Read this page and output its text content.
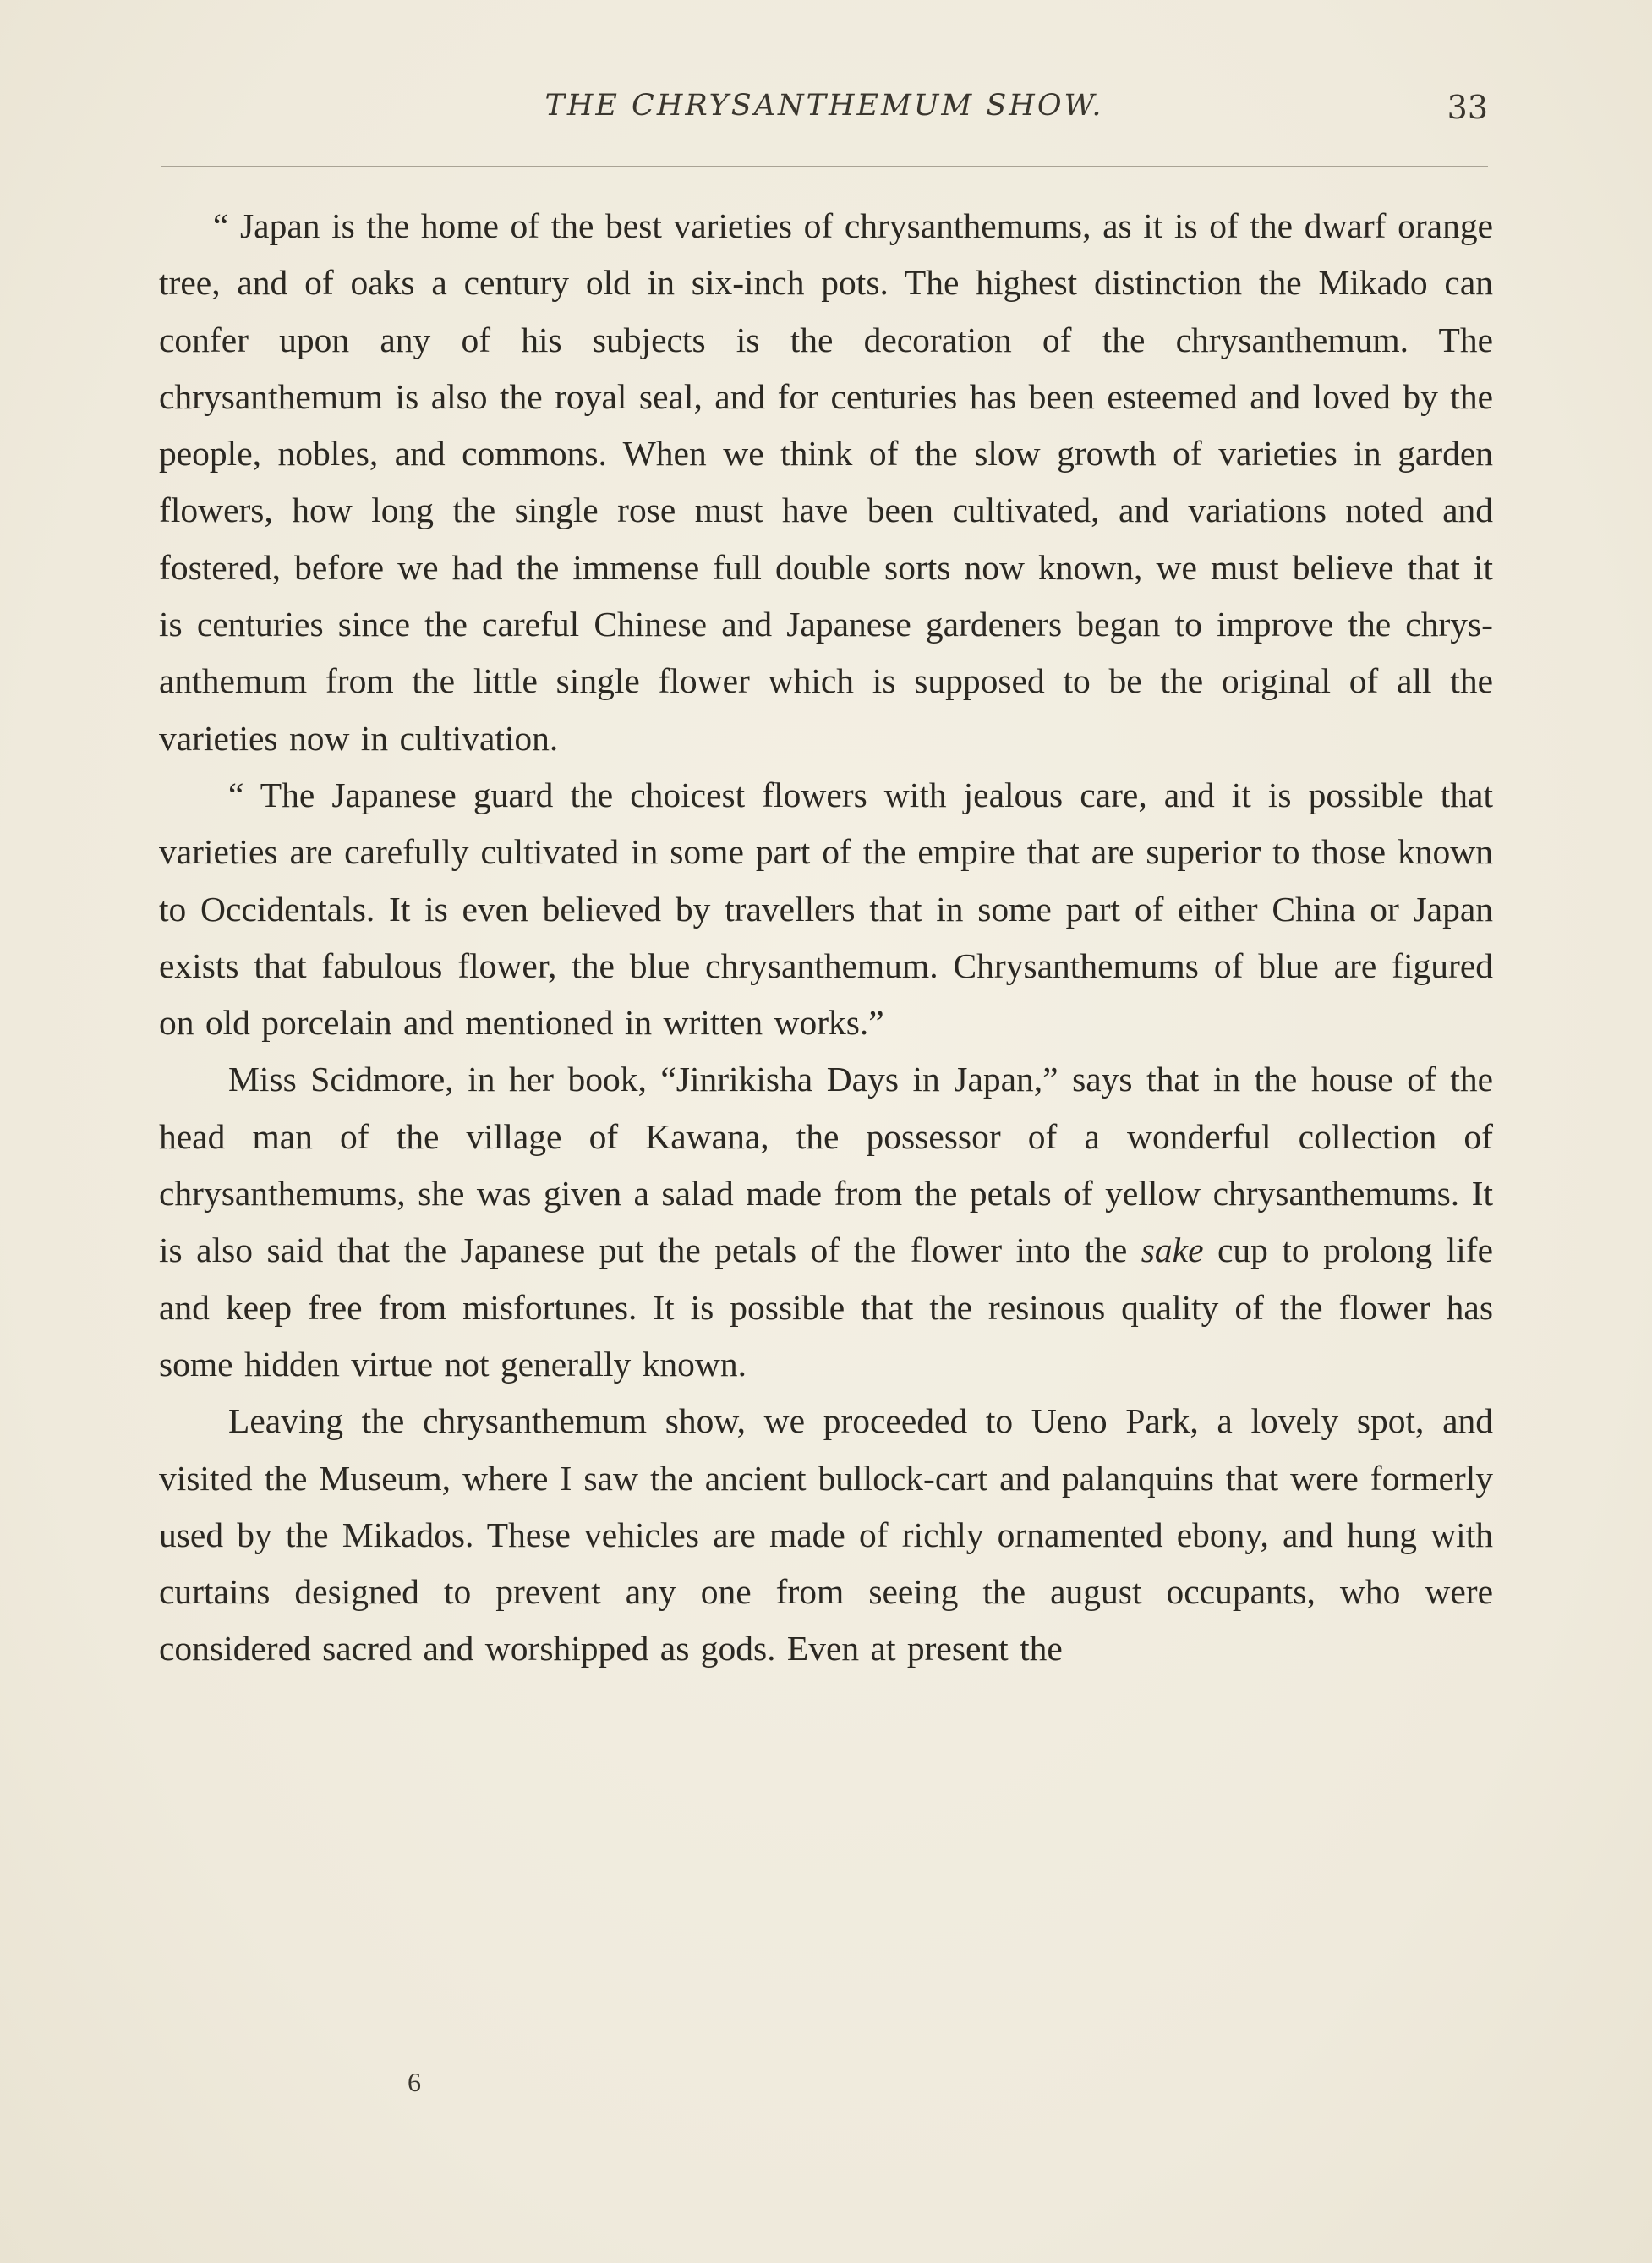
THE CHRYSANTHEMUM SHOW.	33

“ Japan is the home of the best varieties of chrysanthemums, as it is of the dwarf orange tree, and of oaks a century old in six-inch pots. The highest distinction the Mikado can confer upon any of his subjects is the decoration of the chrysanthemum. The chrysanthemum is also the royal seal, and for centuries has been esteemed and loved by the people, nobles, and commons. When we think of the slow growth of varieties in garden flowers, how long the single rose must have been cultivated, and variations noted and fostered, before we had the immense full double sorts now known, we must believe that it is centuries since the careful Chinese and Japanese gardeners began to improve the chrysanthemum from the little single flower which is supposed to be the original of all the varieties now in cultivation.

“ The Japanese guard the choicest flowers with jealous care, and it is possible that varieties are carefully cultivated in some part of the empire that are superior to those known to Occidentals. It is even believed by travellers that in some part of either China or Japan exists that fabulous flower, the blue chrysanthemum. Chrysanthemums of blue are figured on old porcelain and mentioned in written works.”

Miss Scidmore, in her book, “Jinrikisha Days in Japan,” says that in the house of the head man of the village of Kawana, the possessor of a wonderful collection of chrysanthemums, she was given a salad made from the petals of yellow chrysanthemums. It is also said that the Japanese put the petals of the flower into the sake cup to prolong life and keep free from misfortunes. It is possible that the resinous quality of the flower has some hidden virtue not generally known.

Leaving the chrysanthemum show, we proceeded to Ueno Park, a lovely spot, and visited the Museum, where I saw the ancient bullock-cart and palanquins that were formerly used by the Mikados. These vehicles are made of richly ornamented ebony, and hung with curtains designed to prevent any one from seeing the august occupants, who were considered sacred and worshipped as gods. Even at present the

6
